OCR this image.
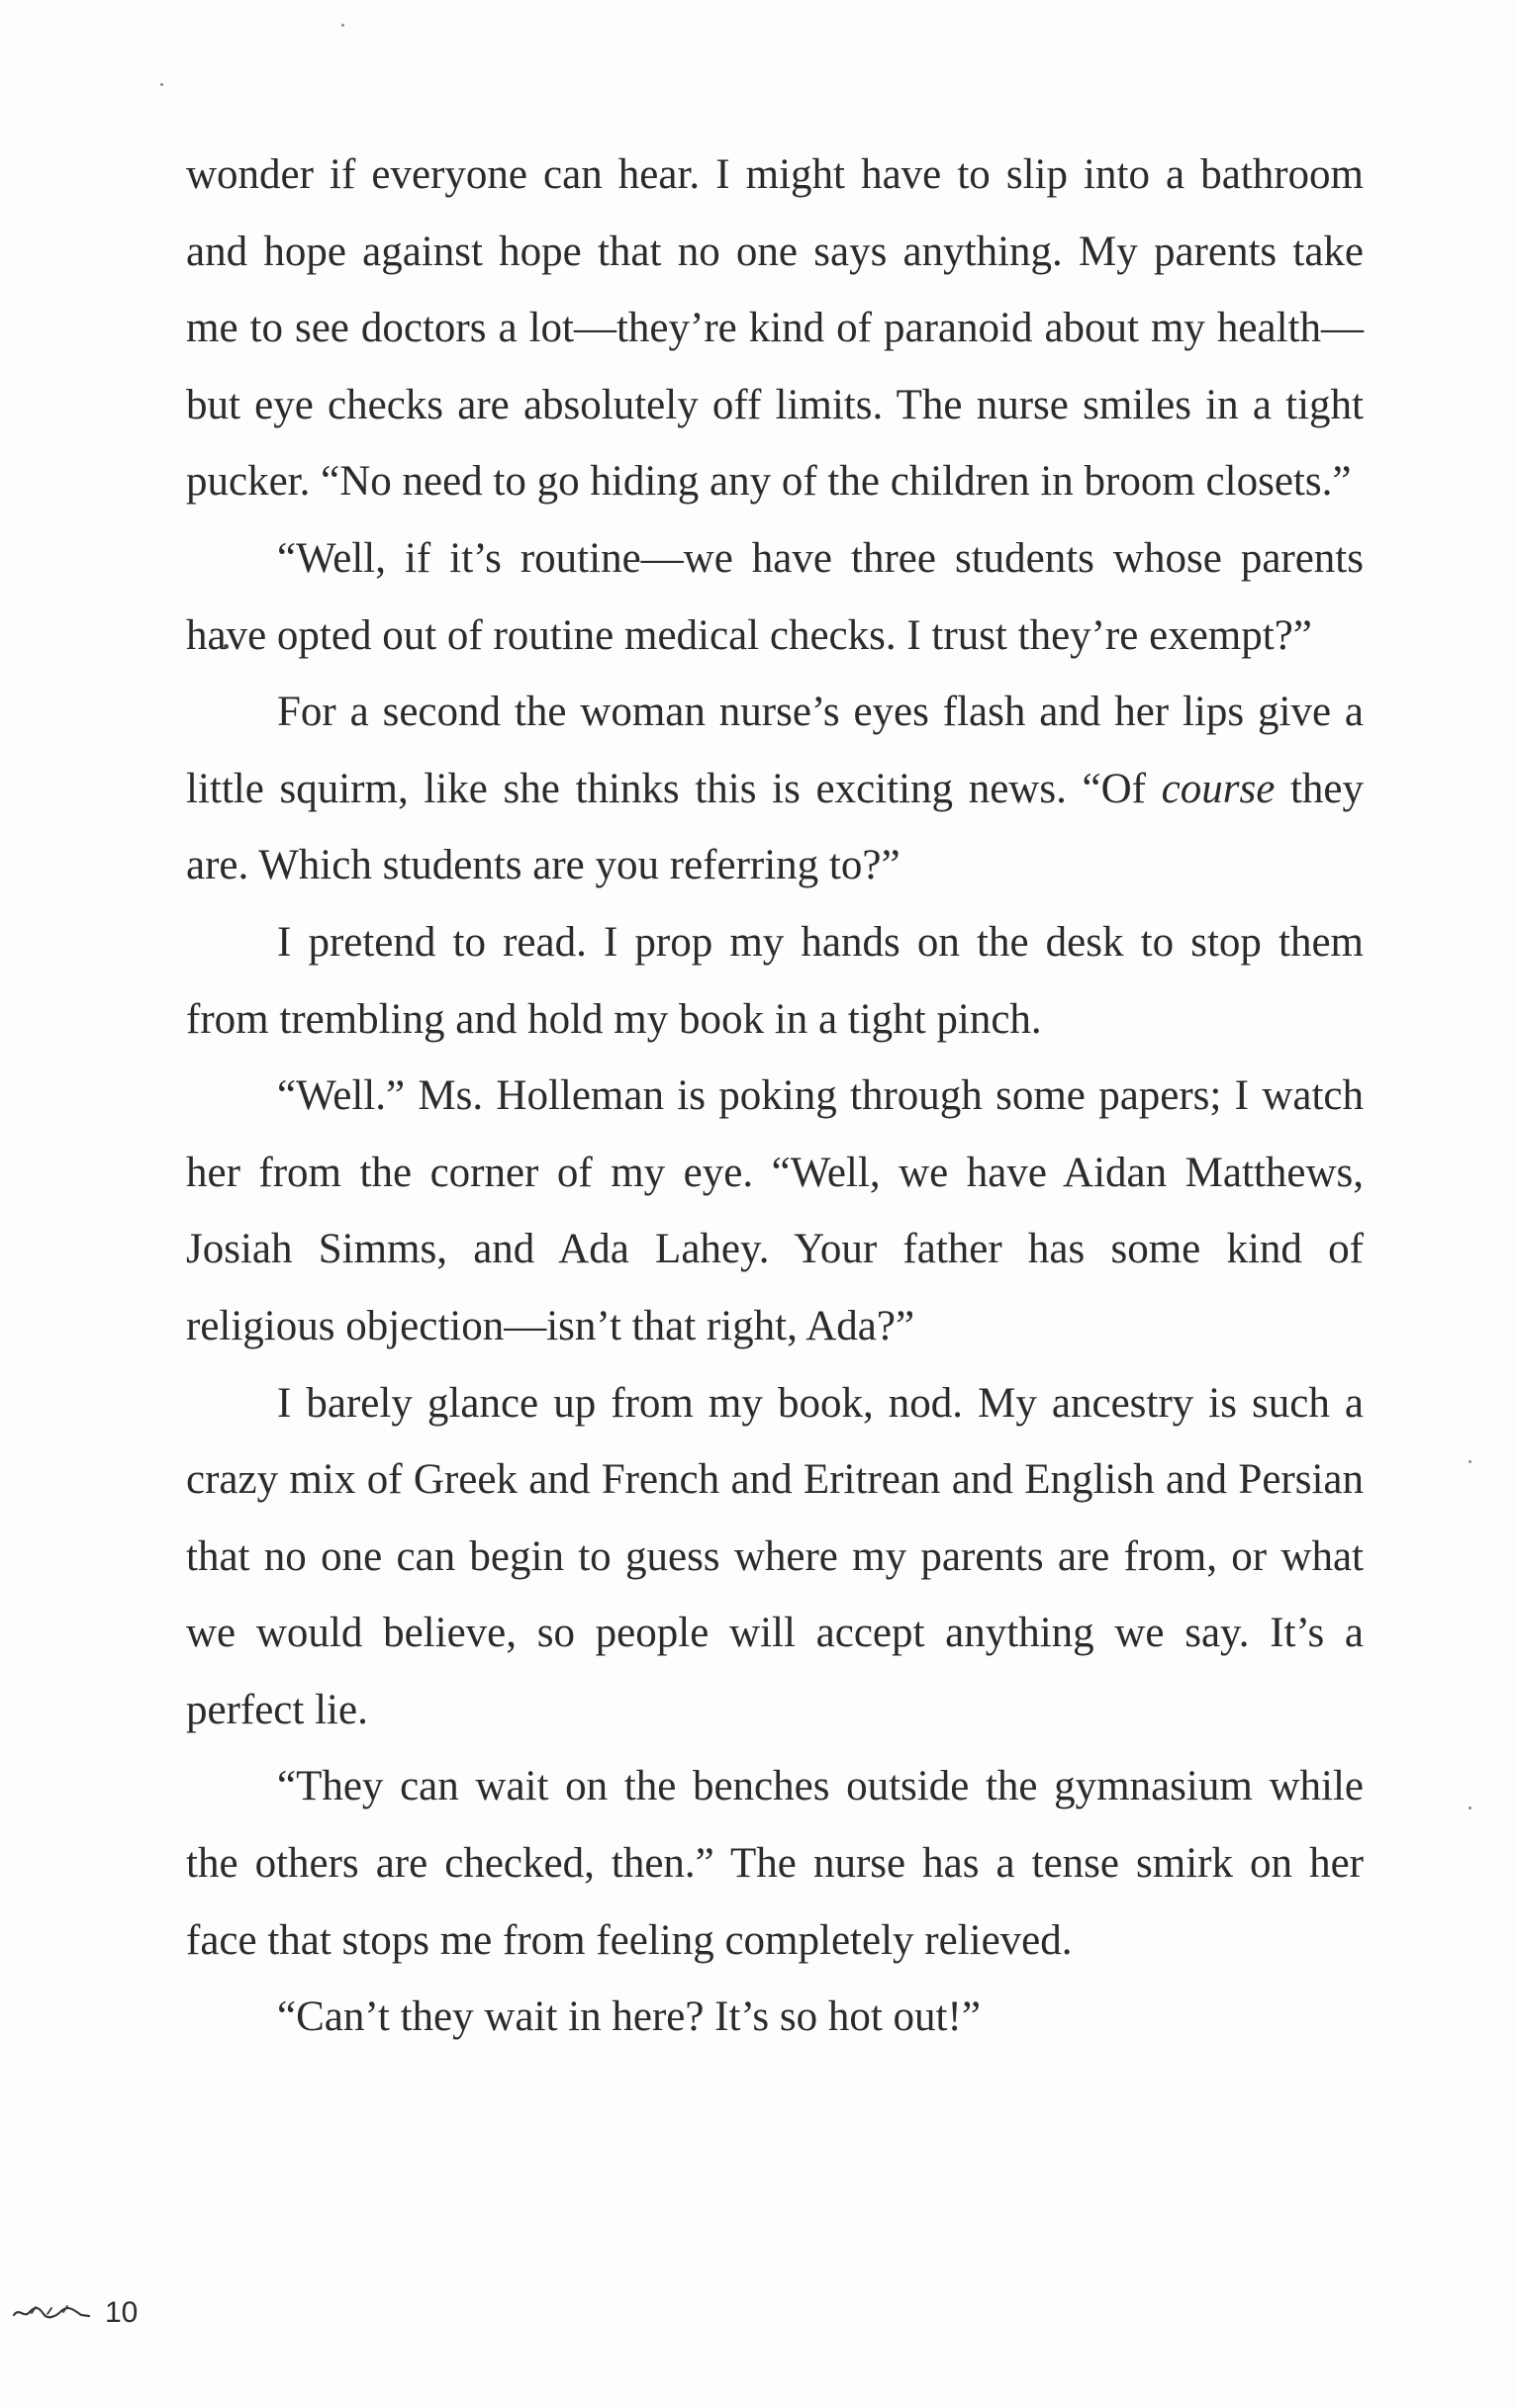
wonder if everyone can hear. I might have to slip into a bathroom and hope against hope that no one says anything. My parents take me to see doctors a lot—they’re kind of paranoid about my health—but eye checks are absolutely off limits. The nurse smiles in a tight pucker. “No need to go hiding any of the children in broom closets.”

“Well, if it’s routine—we have three students whose parents have opted out of routine medical checks. I trust they’re exempt?”

For a second the woman nurse’s eyes flash and her lips give a little squirm, like she thinks this is exciting news. “Of course they are. Which students are you referring to?”

I pretend to read. I prop my hands on the desk to stop them from trembling and hold my book in a tight pinch.

“Well.” Ms. Holleman is poking through some papers; I watch her from the corner of my eye. “Well, we have Aidan Matthews, Josiah Simms, and Ada Lahey. Your father has some kind of religious objection—isn’t that right, Ada?”

I barely glance up from my book, nod. My ancestry is such a crazy mix of Greek and French and Eritrean and English and Persian that no one can begin to guess where my parents are from, or what we would believe, so people will accept anything we say. It’s a perfect lie.

“They can wait on the benches outside the gymnasium while the others are checked, then.” The nurse has a tense smirk on her face that stops me from feeling completely relieved.

“Can’t they wait in here? It’s so hot out!”

10
